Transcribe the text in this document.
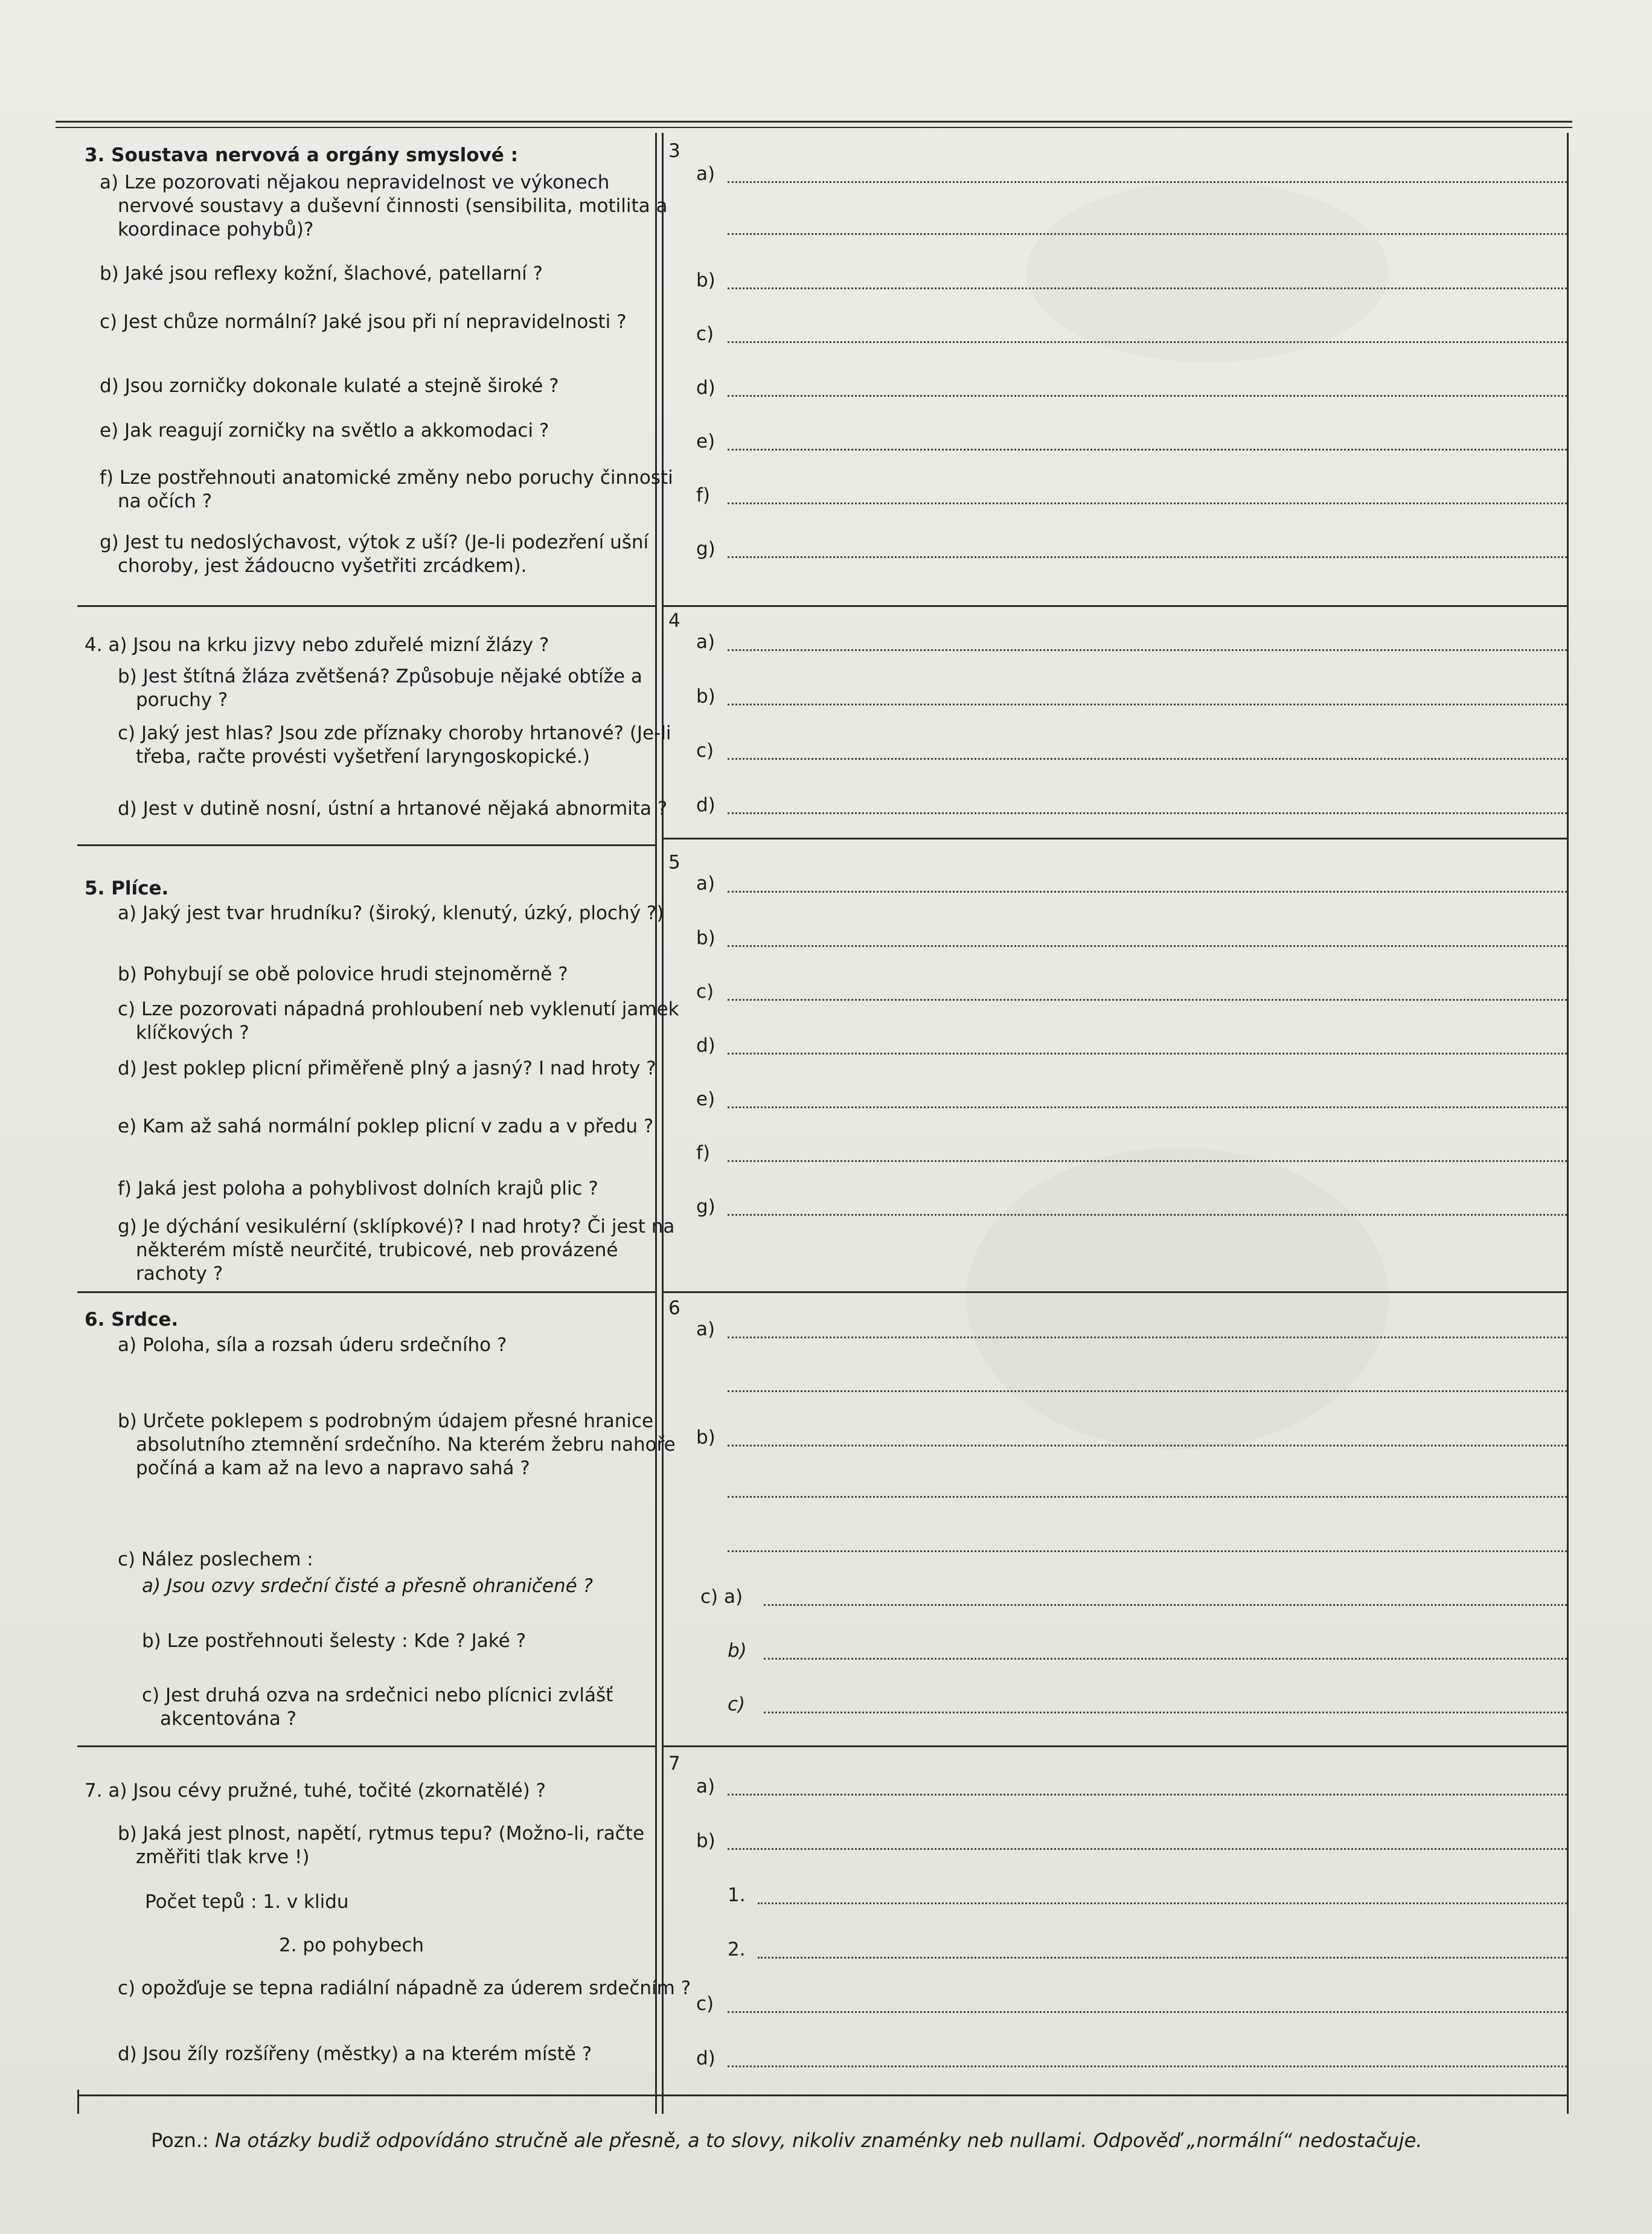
3. Soustava nervová a orgány smyslové :
a) Lze pozorovati nějakou nepravidelnost ve výkonech nervové soustavy a duševní činnosti (sensibilita, motilita a koordinace pohybů)?
b) Jaké jsou reflexy kožní, šlachové, patellarní ?
c) Jest chůze normální? Jaké jsou při ní nepravidelnosti ?
d) Jsou zorničky dokonale kulaté a stejně široké ?
e) Jak reagují zorničky na světlo a akkomodaci ?
f) Lze postřehnouti anatomické změny nebo poruchy činnosti na očích ?
g) Jest tu nedoslýchavost, výtok z uší? (Je-li podezření ušní choroby, jest žádoucno vyšetřiti zrcádkem).
4. a) Jsou na krku jizvy nebo zduřelé mizní žlázy ?
b) Jest štítná žláza zvětšená? Způsobuje nějaké obtíže a poruchy ?
c) Jaký jest hlas? Jsou zde příznaky choroby hrtanové? (Je-li třeba, račte provésti vyšetření laryngoskopické.)
d) Jest v dutině nosní, ústní a hrtanové nějaká abnormita ?
5. Plíce.
a) Jaký jest tvar hrudníku? (široký, klenutý, úzký, plochý ?)
b) Pohybují se obě polovice hrudi stejnoměrně ?
c) Lze pozorovati nápadná prohloubení neb vyklenutí jamek klíčkových ?
d) Jest poklep plicní přiměřeně plný a jasný? I nad hroty ?
e) Kam až sahá normální poklep plicní v zadu a v předu ?
f) Jaká jest poloha a pohyblivost dolních krajů plic ?
g) Je dýchání vesikulérní (sklípkové)? I nad hroty? Či jest na některém místě neurčité, trubicové, neb provázené rachoty ?
6. Srdce.
a) Poloha, síla a rozsah úderu srdečního ?
b) Určete poklepem s podrobným údajem přesné hranice absolutního ztemnění srdečního. Na kterém žebru nahoře počíná a kam až na levo a napravo sahá ?
c) Nález poslechem :
a) Jsou ozvy srdeční čisté a přesně ohraničené ?
b) Lze postřehnouti šelesty : Kde ? Jaké ?
c) Jest druhá ozva na srdečnici nebo plícnici zvlášť akcentována ?
7. a) Jsou cévy pružné, tuhé, točité (zkornatělé) ?
b) Jaká jest plnost, napětí, rytmus tepu? (Možno-li, račte změřiti tlak krve !)
Počet tepů : 1. v klidu
2. po pohybech
c) opožďuje se tepna radiální nápadně za úderem srdečním ?
d) Jsou žíly rozšířeny (městky) a na kterém místě ?
3
a)
b)
c)
d)
e)
f)
g)
4
a)
b)
c)
d)
5
a)
b)
c)
d)
e)
f)
g)
6
a)
b)
c) a)
b)
c)
7
a)
b)
1.
2.
c)
d)
Pozn.: Na otázky budiž odpovídáno stručně ale přesně, a to slovy, nikoliv znaménky neb nullami. Odpověď „normální“ nedostačuje.
